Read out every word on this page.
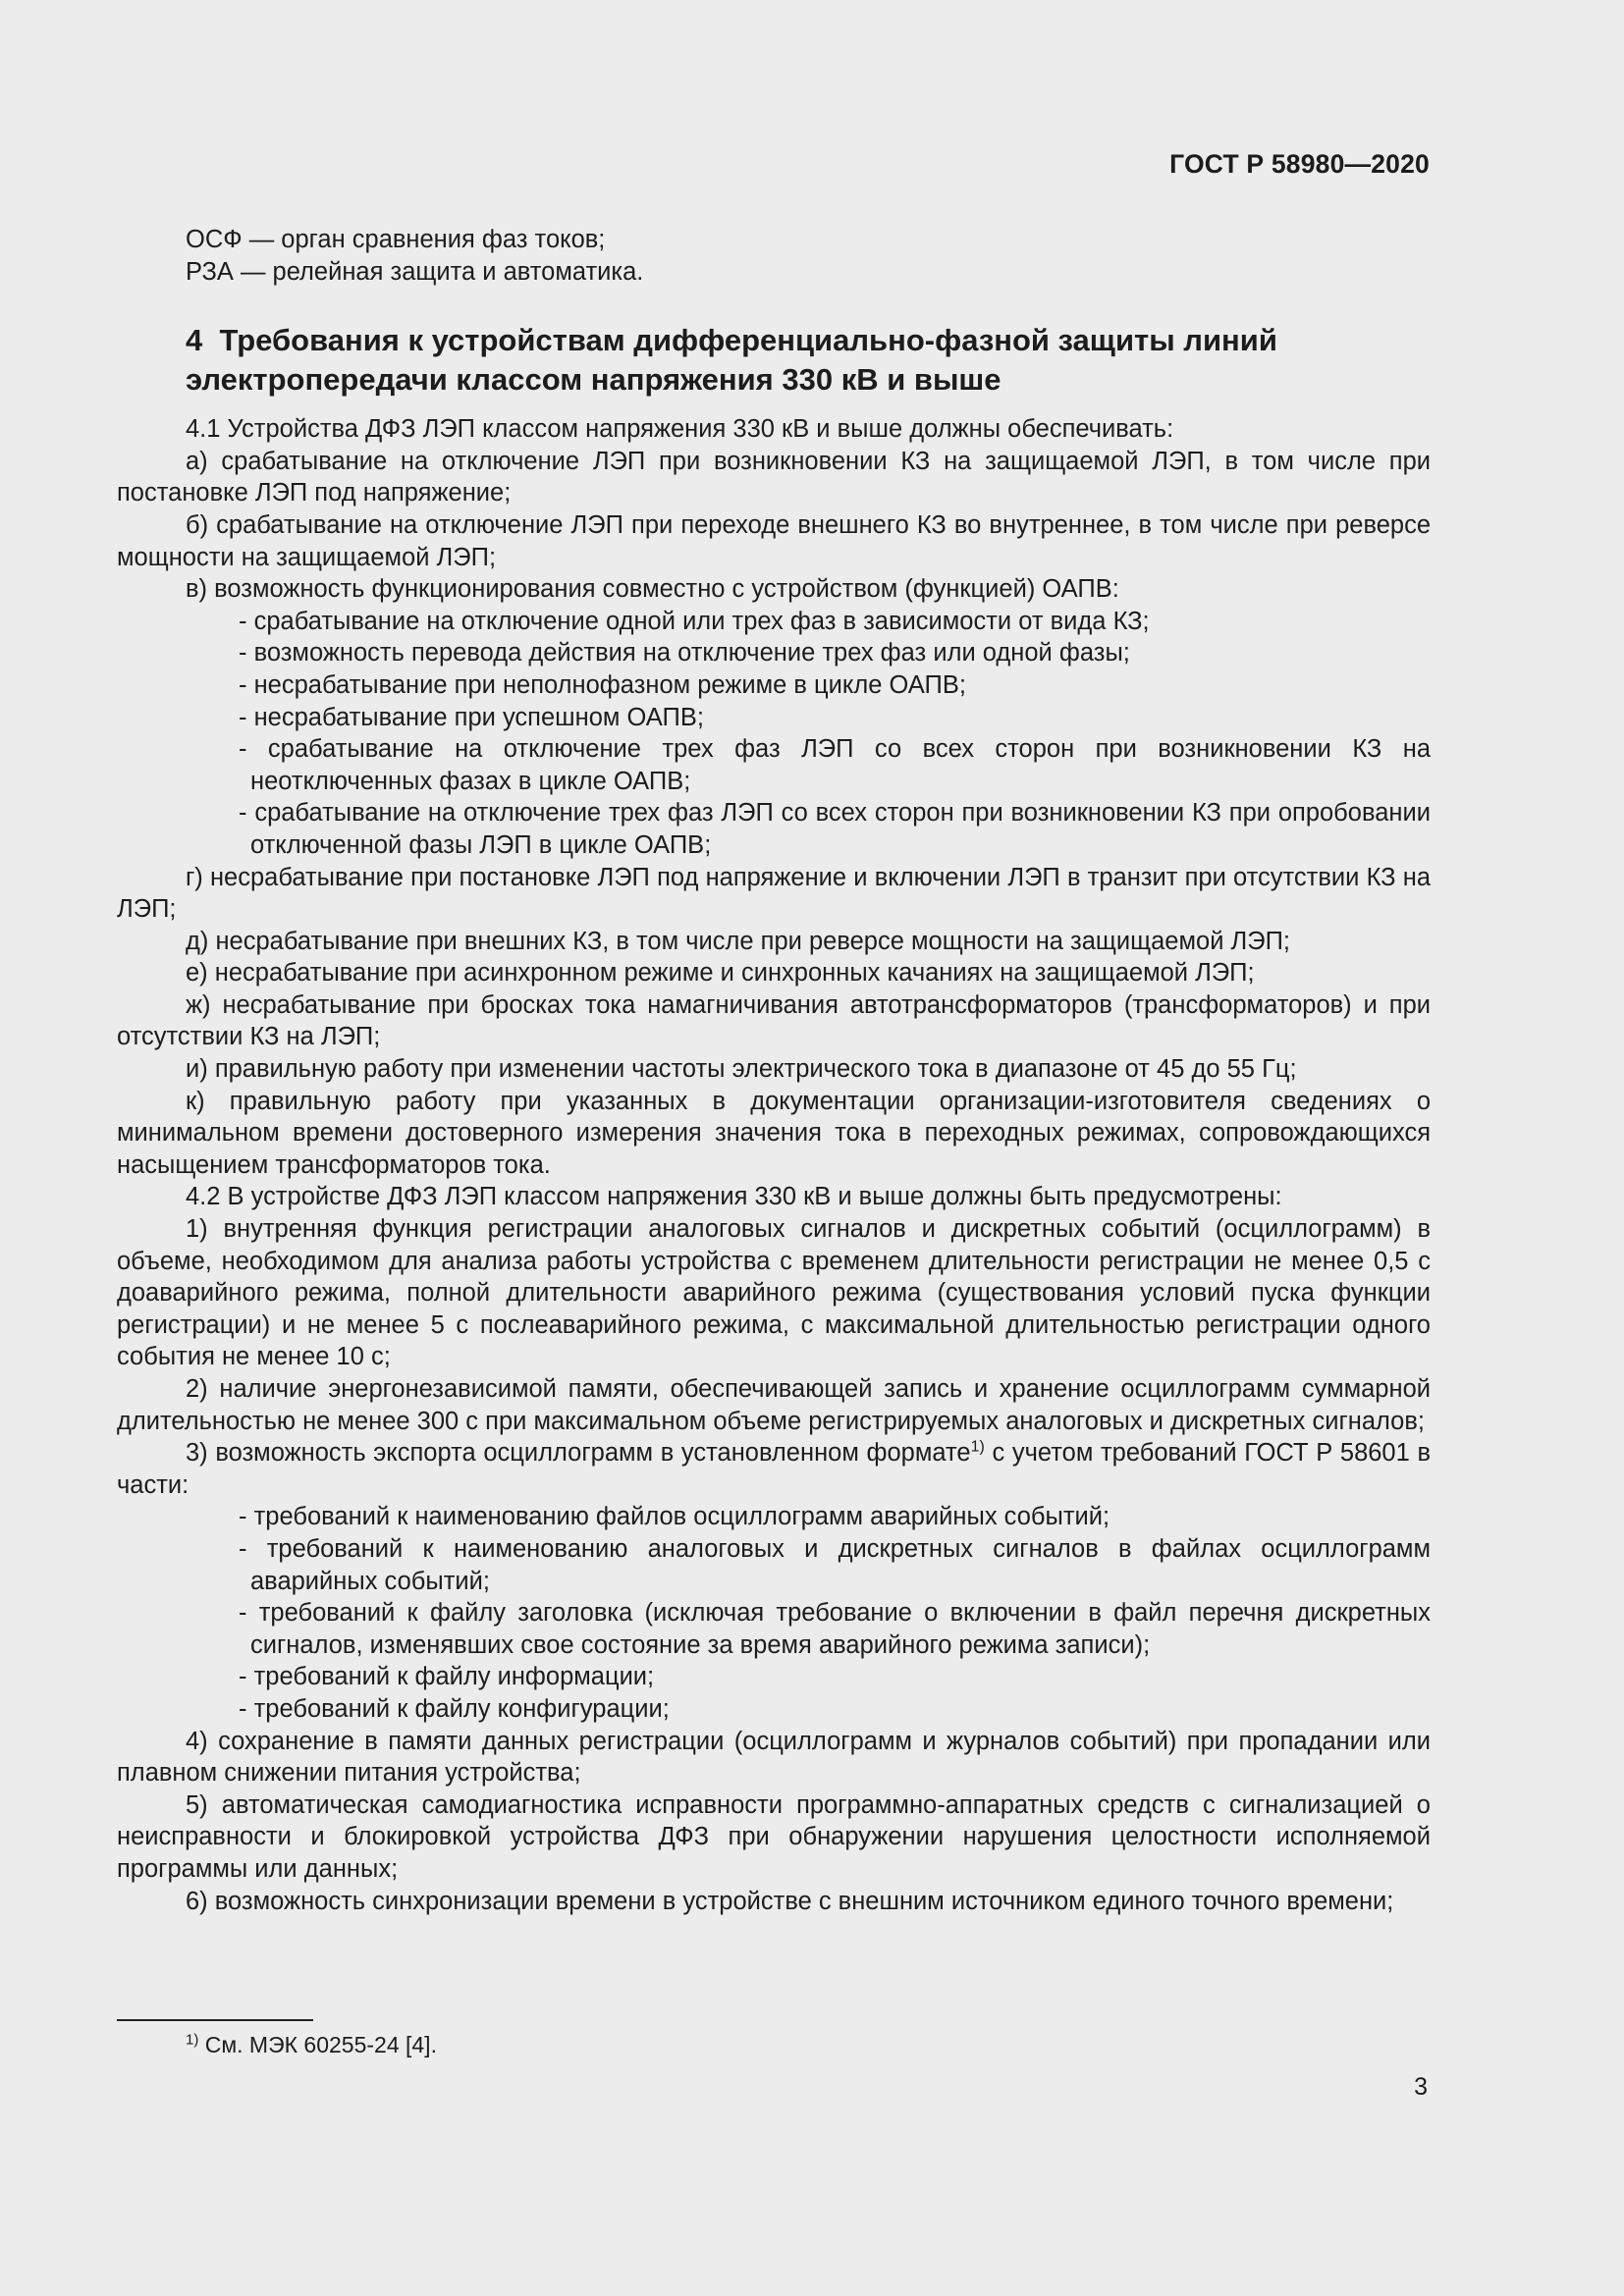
ГОСТ Р 58980—2020

ОСФ — орган сравнения фаз токов;

РЗА — релейная защита и автоматика.

4 Требования к устройствам дифференциально-фазной защиты линий электропередачи классом напряжения 330 кВ и выше

4.1 Устройства ДФЗ ЛЭП классом напряжения 330 кВ и выше должны обеспечивать:

а) срабатывание на отключение ЛЭП при возникновении КЗ на защищаемой ЛЭП, в том числе при постановке ЛЭП под напряжение;

б) срабатывание на отключение ЛЭП при переходе внешнего КЗ во внутреннее, в том числе при реверсе мощности на защищаемой ЛЭП;

в) возможность функционирования совместно с устройством (функцией) ОАПВ:

- срабатывание на отключение одной или трех фаз в зависимости от вида КЗ;

- возможность перевода действия на отключение трех фаз или одной фазы;

- несрабатывание при неполнофазном режиме в цикле ОАПВ;

- несрабатывание при успешном ОАПВ;

- срабатывание на отключение трех фаз ЛЭП со всех сторон при возникновении КЗ на неотключенных фазах в цикле ОАПВ;

- срабатывание на отключение трех фаз ЛЭП со всех сторон при возникновении КЗ при опробовании отключенной фазы ЛЭП в цикле ОАПВ;

г) несрабатывание при постановке ЛЭП под напряжение и включении ЛЭП в транзит при отсутствии КЗ на ЛЭП;

д) несрабатывание при внешних КЗ, в том числе при реверсе мощности на защищаемой ЛЭП;

е) несрабатывание при асинхронном режиме и синхронных качаниях на защищаемой ЛЭП;

ж) несрабатывание при бросках тока намагничивания автотрансформаторов (трансформаторов) и при отсутствии КЗ на ЛЭП;

и) правильную работу при изменении частоты электрического тока в диапазоне от 45 до 55 Гц;

к) правильную работу при указанных в документации организации-изготовителя сведениях о минимальном времени достоверного измерения значения тока в переходных режимах, сопровождающихся насыщением трансформаторов тока.

4.2 В устройстве ДФЗ ЛЭП классом напряжения 330 кВ и выше должны быть предусмотрены:

1) внутренняя функция регистрации аналоговых сигналов и дискретных событий (осциллограмм) в объеме, необходимом для анализа работы устройства с временем длительности регистрации не менее 0,5 с доаварийного режима, полной длительности аварийного режима (существования условий пуска функции регистрации) и не менее 5 с послеаварийного режима, с максимальной длительностью регистрации одного события не менее 10 с;

2) наличие энергонезависимой памяти, обеспечивающей запись и хранение осциллограмм суммарной длительностью не менее 300 с при максимальном объеме регистрируемых аналоговых и дискретных сигналов;

3) возможность экспорта осциллограмм в установленном формате$^{1)}$ с учетом требований ГОСТ Р 58601 в части:

- требований к наименованию файлов осциллограмм аварийных событий;

- требований к наименованию аналоговых и дискретных сигналов в файлах осциллограмм аварийных событий;

- требований к файлу заголовка (исключая требование о включении в файл перечня дискретных сигналов, изменявших свое состояние за время аварийного режима записи);

- требований к файлу информации;

- требований к файлу конфигурации;

4) сохранение в памяти данных регистрации (осциллограмм и журналов событий) при пропадании или плавном снижении питания устройства;

5) автоматическая самодиагностика исправности программно-аппаратных средств с сигнализацией о неисправности и блокировкой устройства ДФЗ при обнаружении нарушения целостности исполняемой программы или данных;

6) возможность синхронизации времени в устройстве с внешним источником единого точного времени;

$^{1)}$ См. МЭК 60255-24 [4].

3
